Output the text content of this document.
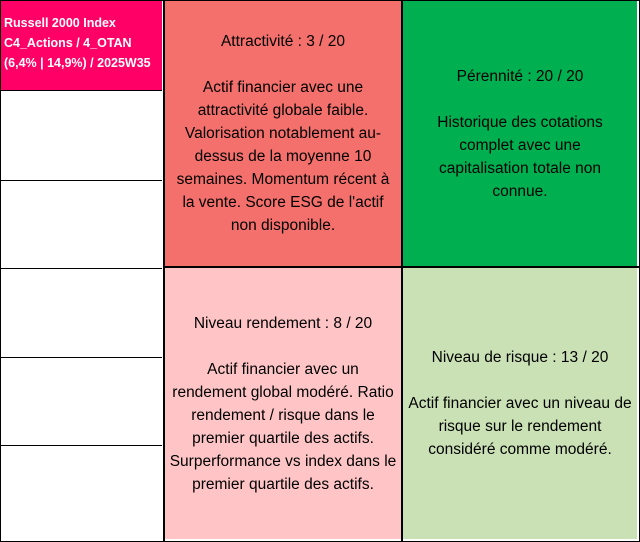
Russell 2000 Index
C4_Actions / 4_OTAN
(6,4% | 14,9%) / 2025W35
Attractivité : 3 / 20
Actif financier avec une attractivité globale faible. Valorisation notablement au-dessus de la moyenne 10 semaines. Momentum récent à la vente. Score ESG de l'actif non disponible.
Pérennité : 20 / 20
Historique des cotations complet avec une capitalisation totale non connue.
Niveau rendement : 8 / 20
Actif financier avec un rendement global modéré. Ratio rendement / risque dans le premier quartile des actifs. Surperformance vs index dans le premier quartile des actifs.
Niveau de risque : 13 / 20
Actif financier avec un niveau de risque sur le rendement considéré comme modéré.
